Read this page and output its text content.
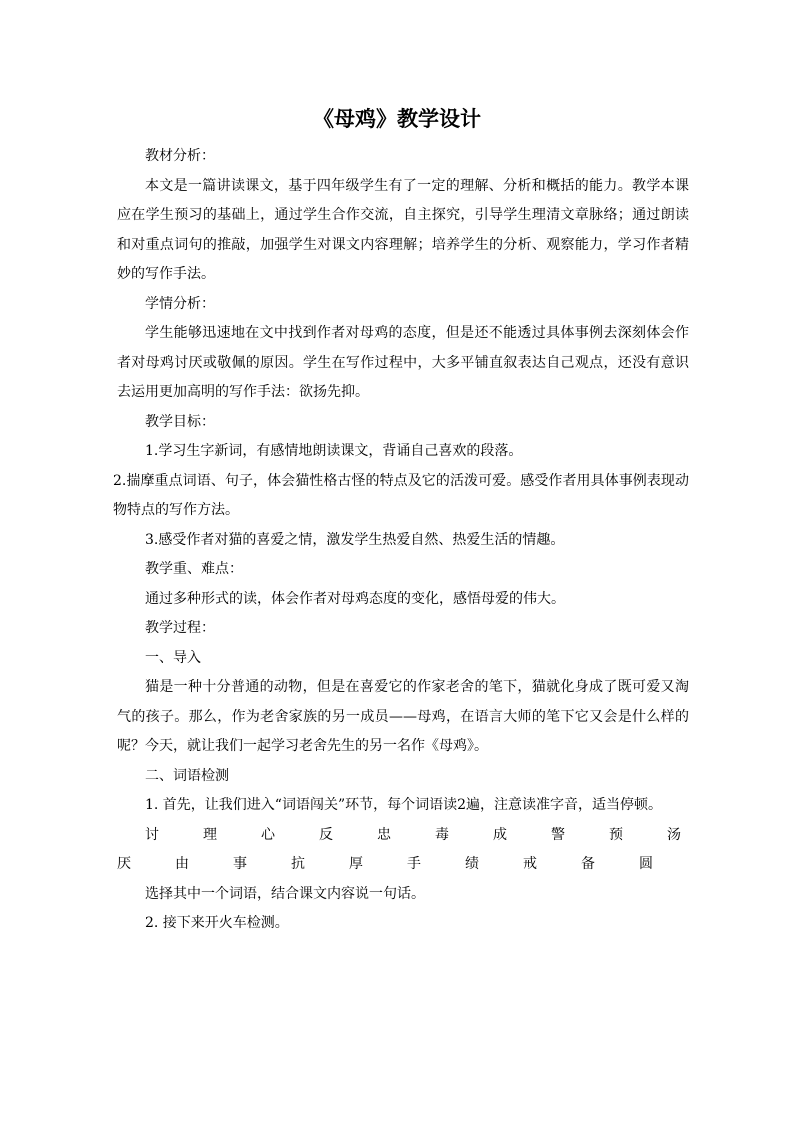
《母鸡》教学设计

教材分析：

本文是一篇讲读课文，基于四年级学生有了一定的理解、分析和概括的能力。教学本课应在学生预习的基础上，通过学生合作交流，自主探究，引导学生理清文章脉络；通过朗读和对重点词句的推敲，加强学生对课文内容理解；培养学生的分析、观察能力，学习作者精妙的写作手法。

学情分析：

学生能够迅速地在文中找到作者对母鸡的态度，但是还不能透过具体事例去深刻体会作者对母鸡讨厌或敬佩的原因。学生在写作过程中，大多平铺直叙表达自己观点，还没有意识去运用更加高明的写作手法：欲扬先抑。

教学目标：

1.学习生字新词，有感情地朗读课文，背诵自己喜欢的段落。

2.揣摩重点词语、句子，体会猫性格古怪的特点及它的活泼可爱。感受作者用具体事例表现动物特点的写作方法。

3.感受作者对猫的喜爱之情，激发学生热爱自然、热爱生活的情趣。

教学重、难点：

通过多种形式的读，体会作者对母鸡态度的变化，感悟母爱的伟大。

教学过程：

一、导入

猫是一种十分普通的动物，但是在喜爱它的作家老舍的笔下，猫就化身成了既可爱又淘气的孩子。那么，作为老舍家族的另一成员——母鸡，在语言大师的笔下它又会是什么样的呢？今天，就让我们一起学习老舍先生的另一名作《母鸡》。

二、词语检测

1. 首先，让我们进入“词语闯关”环节，每个词语读2遍，注意读准字音，适当停顿。

讨厌
理由
心事
反抗
忠厚
毒手
成绩
警戒
预备
汤圆

选择其中一个词语，结合课文内容说一句话。

2. 接下来开火车检测。
